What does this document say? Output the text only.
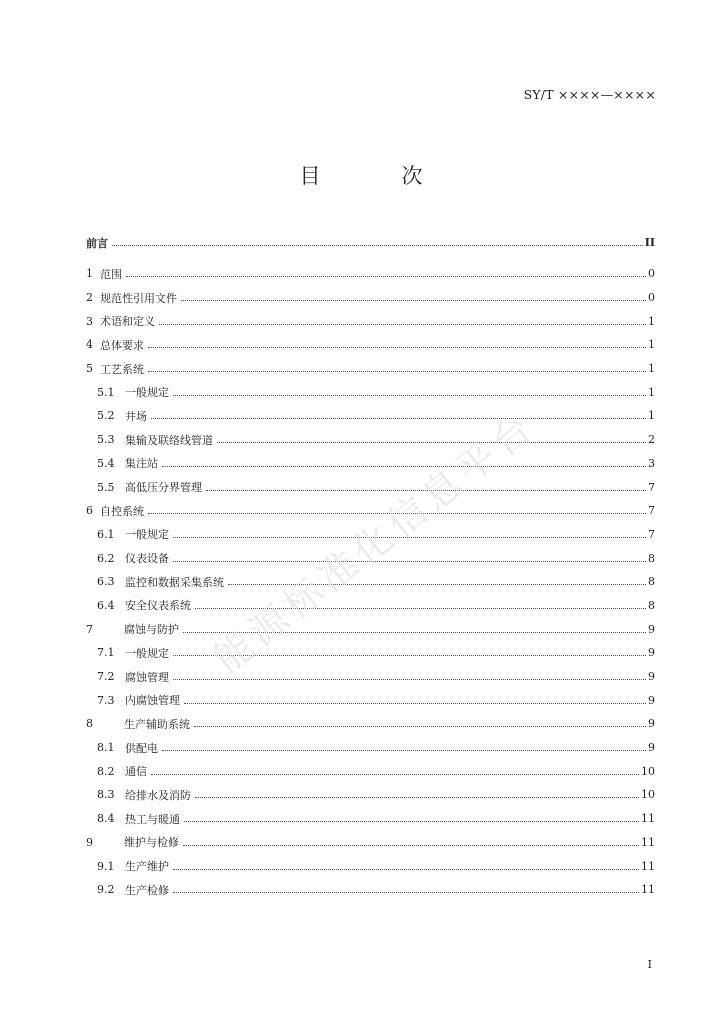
SY/T ××××—××××
目　次
前言	II
1 范围	0
2 规范性引用文件	0
3 术语和定义	1
4 总体要求	1
5 工艺系统	1
5.1 一般规定	1
5.2 井场	1
5.3 集输及联络线管道	2
5.4 集注站	3
5.5 高低压分界管理	7
6 自控系统	7
6.1 一般规定	7
6.2 仪表设备	8
6.3 监控和数据采集系统	8
6.4 安全仪表系统	8
7	腐蚀与防护	9
7.1 一般规定	9
7.2 腐蚀管理	9
7.3 内腐蚀管理	9
8	生产辅助系统	9
8.1 供配电	9
8.2 通信	10
8.3 给排水及消防	10
8.4 热工与暖通	11
9	维护与检修	11
9.1 生产维护	11
9.2 生产检修	11
能源标准化信息平台
I
